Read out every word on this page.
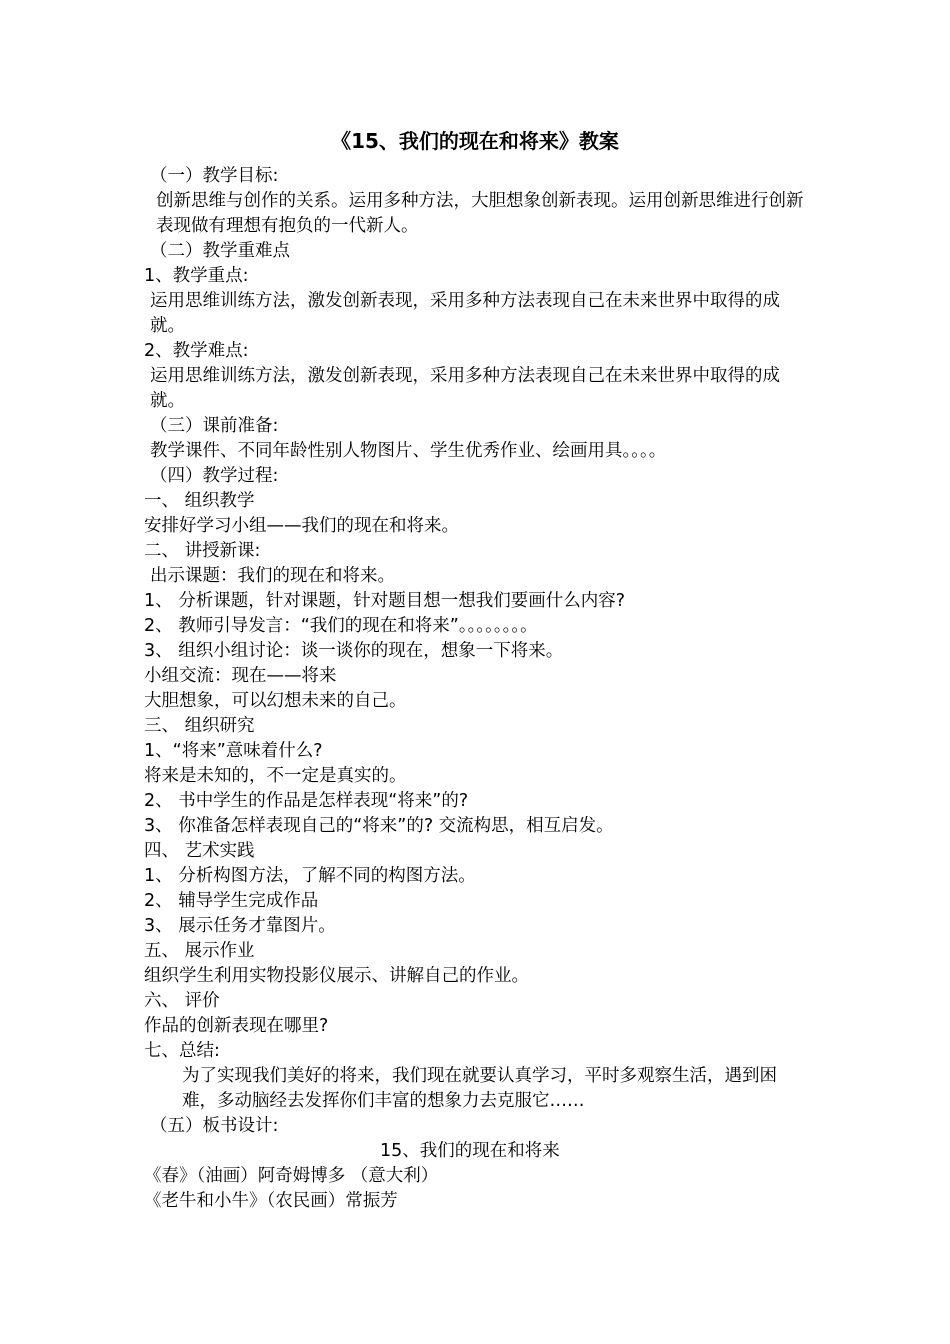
《15、我们的现在和将来》教案
（一）教学目标:
创新思维与创作的关系。运用多种方法，大胆想象创新表现。运用创新思维进行创新表现做有理想有抱负的一代新人。
（二）教学重难点
1、教学重点:
运用思维训练方法，激发创新表现，采用多种方法表现自己在未来世界中取得的成就。
2、教学难点:
运用思维训练方法，激发创新表现，采用多种方法表现自己在未来世界中取得的成就。
（三）课前准备:
教学课件、不同年龄性别人物图片、学生优秀作业、绘画用具。。。。
（四）教学过程:
一、 组织教学
安排好学习小组——我们的现在和将来。
二、 讲授新课:
出示课题：我们的现在和将来。
1、 分析课题，针对课题，针对题目想一想我们要画什么内容?
2、 教师引导发言：“我们的现在和将来”。。。。。。。。
3、 组织小组讨论：谈一谈你的现在，想象一下将来。
小组交流：现在——将来
大胆想象，可以幻想未来的自己。
三、 组织研究
1、“将来”意味着什么?
将来是未知的，不一定是真实的。
2、 书中学生的作品是怎样表现“将来”的?
3、 你准备怎样表现自己的“将来”的? 交流构思，相互启发。
四、 艺术实践
1、 分析构图方法，了解不同的构图方法。
2、 辅导学生完成作品
3、 展示任务才靠图片。
五、 展示作业
组织学生利用实物投影仪展示、讲解自己的作业。
六、 评价
作品的创新表现在哪里?
七、总结:
为了实现我们美好的将来，我们现在就要认真学习，平时多观察生活，遇到困难，多动脑经去发挥你们丰富的想象力去克服它……
（五）板书设计:
15、我们的现在和将来
《春》（油画）阿奇姆博多 （意大利）
《老牛和小牛》（农民画）常振芳
